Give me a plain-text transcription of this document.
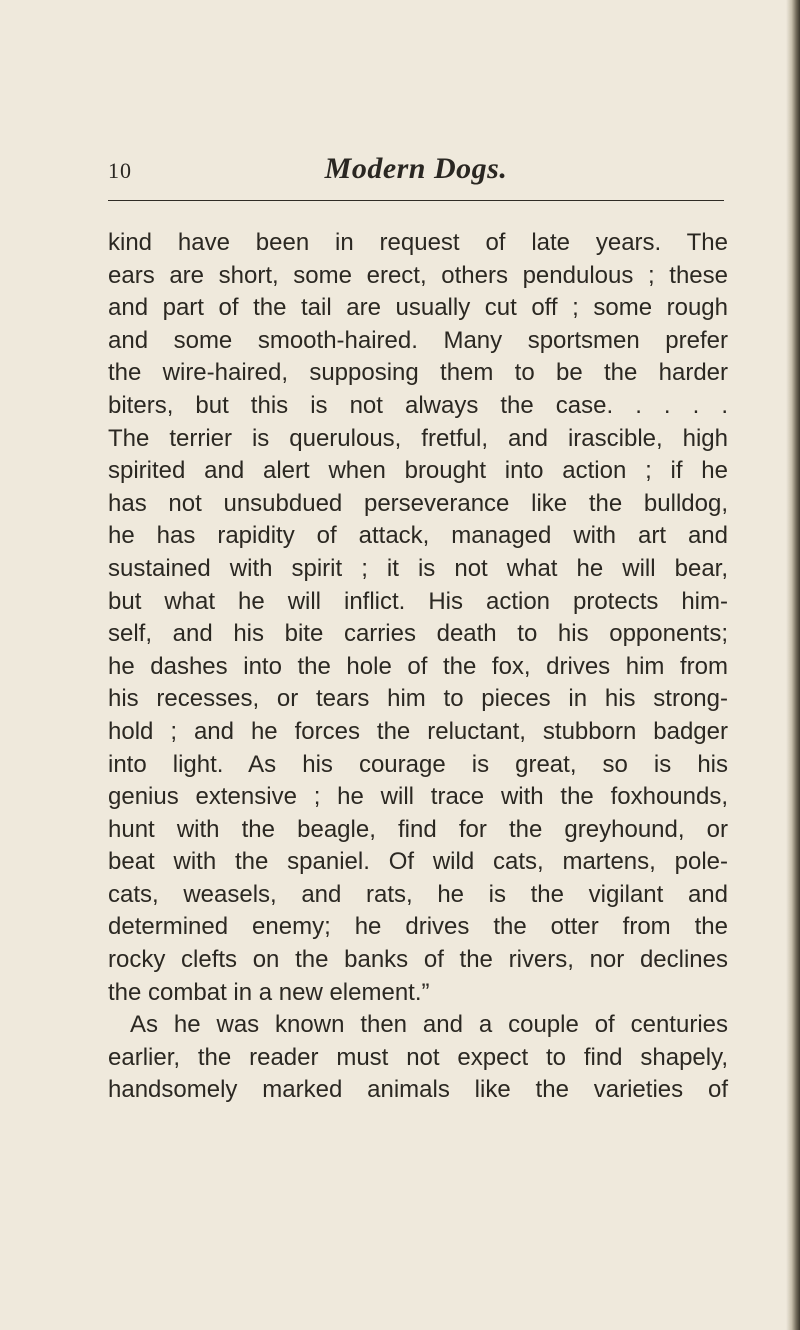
10	Modern Dogs.
kind have been in request of late years. The
ears are short, some erect, others pendulous ; these
and part of the tail are usually cut off ; some rough
and some smooth-haired. Many sportsmen prefer
the wire-haired, supposing them to be the harder
biters, but this is not always the case. . . . .
The terrier is querulous, fretful, and irascible, high
spirited and alert when brought into action ; if he
has not unsubdued perseverance like the bulldog,
he has rapidity of attack, managed with art and
sustained with spirit ; it is not what he will bear,
but what he will inflict. His action protects him-
self, and his bite carries death to his opponents;
he dashes into the hole of the fox, drives him from
his recesses, or tears him to pieces in his strong-
hold ; and he forces the reluctant, stubborn badger
into light. As his courage is great, so is his
genius extensive ; he will trace with the foxhounds,
hunt with the beagle, find for the greyhound, or
beat with the spaniel. Of wild cats, martens, pole-
cats, weasels, and rats, he is the vigilant and
determined enemy; he drives the otter from the
rocky clefts on the banks of the rivers, nor declines
the combat in a new element.”
As he was known then and a couple of centuries
earlier, the reader must not expect to find shapely,
handsomely marked animals like the varieties of
